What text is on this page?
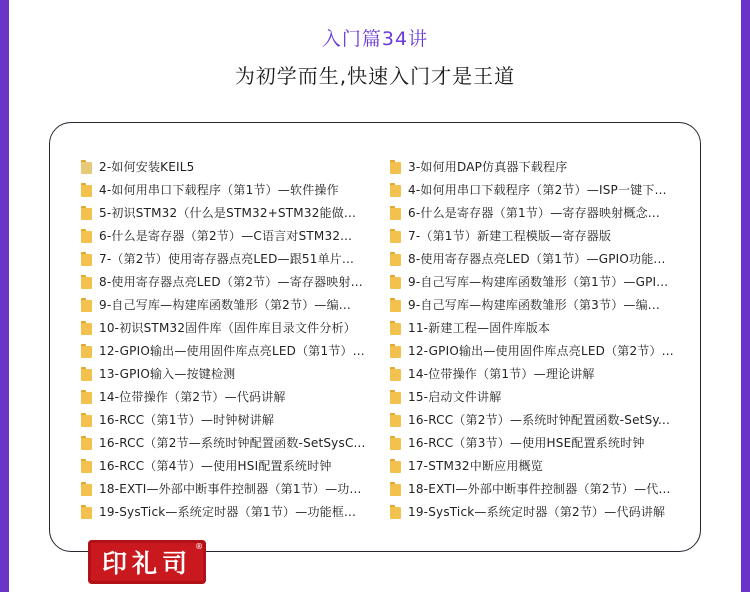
入门篇34讲
为初学而生,快速入门才是王道
2-如何安装KEIL5
4-如何用串口下载程序（第1节）—软件操作
5-初识STM32（什么是STM32+STM32能做...
6-什么是寄存器（第2节）—C语言对STM32...
7-（第2节）使用寄存器点亮LED—跟51单片...
8-使用寄存器点亮LED（第2节）—寄存器映射...
9-自己写库—构建库函数雏形（第2节）—编...
10-初识STM32固件库（固件库目录文件分析）
12-GPIO输出—使用固件库点亮LED（第1节）...
13-GPIO输入—按键检测
14-位带操作（第2节）—代码讲解
16-RCC（第1节）—时钟树讲解
16-RCC（第2节—系统时钟配置函数-SetSysC...
16-RCC（第4节）—使用HSI配置系统时钟
18-EXTI—外部中断事件控制器（第1节）—功...
19-SysTick—系统定时器（第1节）—功能框...
3-如何用DAP仿真器下载程序
4-如何用串口下载程序（第2节）—ISP一键下...
6-什么是寄存器（第1节）—寄存器映射概念...
7-（第1节）新建工程模版—寄存器版
8-使用寄存器点亮LED（第1节）—GPIO功能...
9-自己写库—构建库函数雏形（第1节）—GPI...
9-自己写库—构建库函数雏形（第3节）—编...
11-新建工程—固件库版本
12-GPIO输出—使用固件库点亮LED（第2节）...
14-位带操作（第1节）—理论讲解
15-启动文件讲解
16-RCC（第2节）—系统时钟配置函数-SetSy...
16-RCC（第3节）—使用HSE配置系统时钟
17-STM32中断应用概览
18-EXTI—外部中断事件控制器（第2节）—代...
19-SysTick—系统定时器（第2节）—代码讲解
印礼司
®
